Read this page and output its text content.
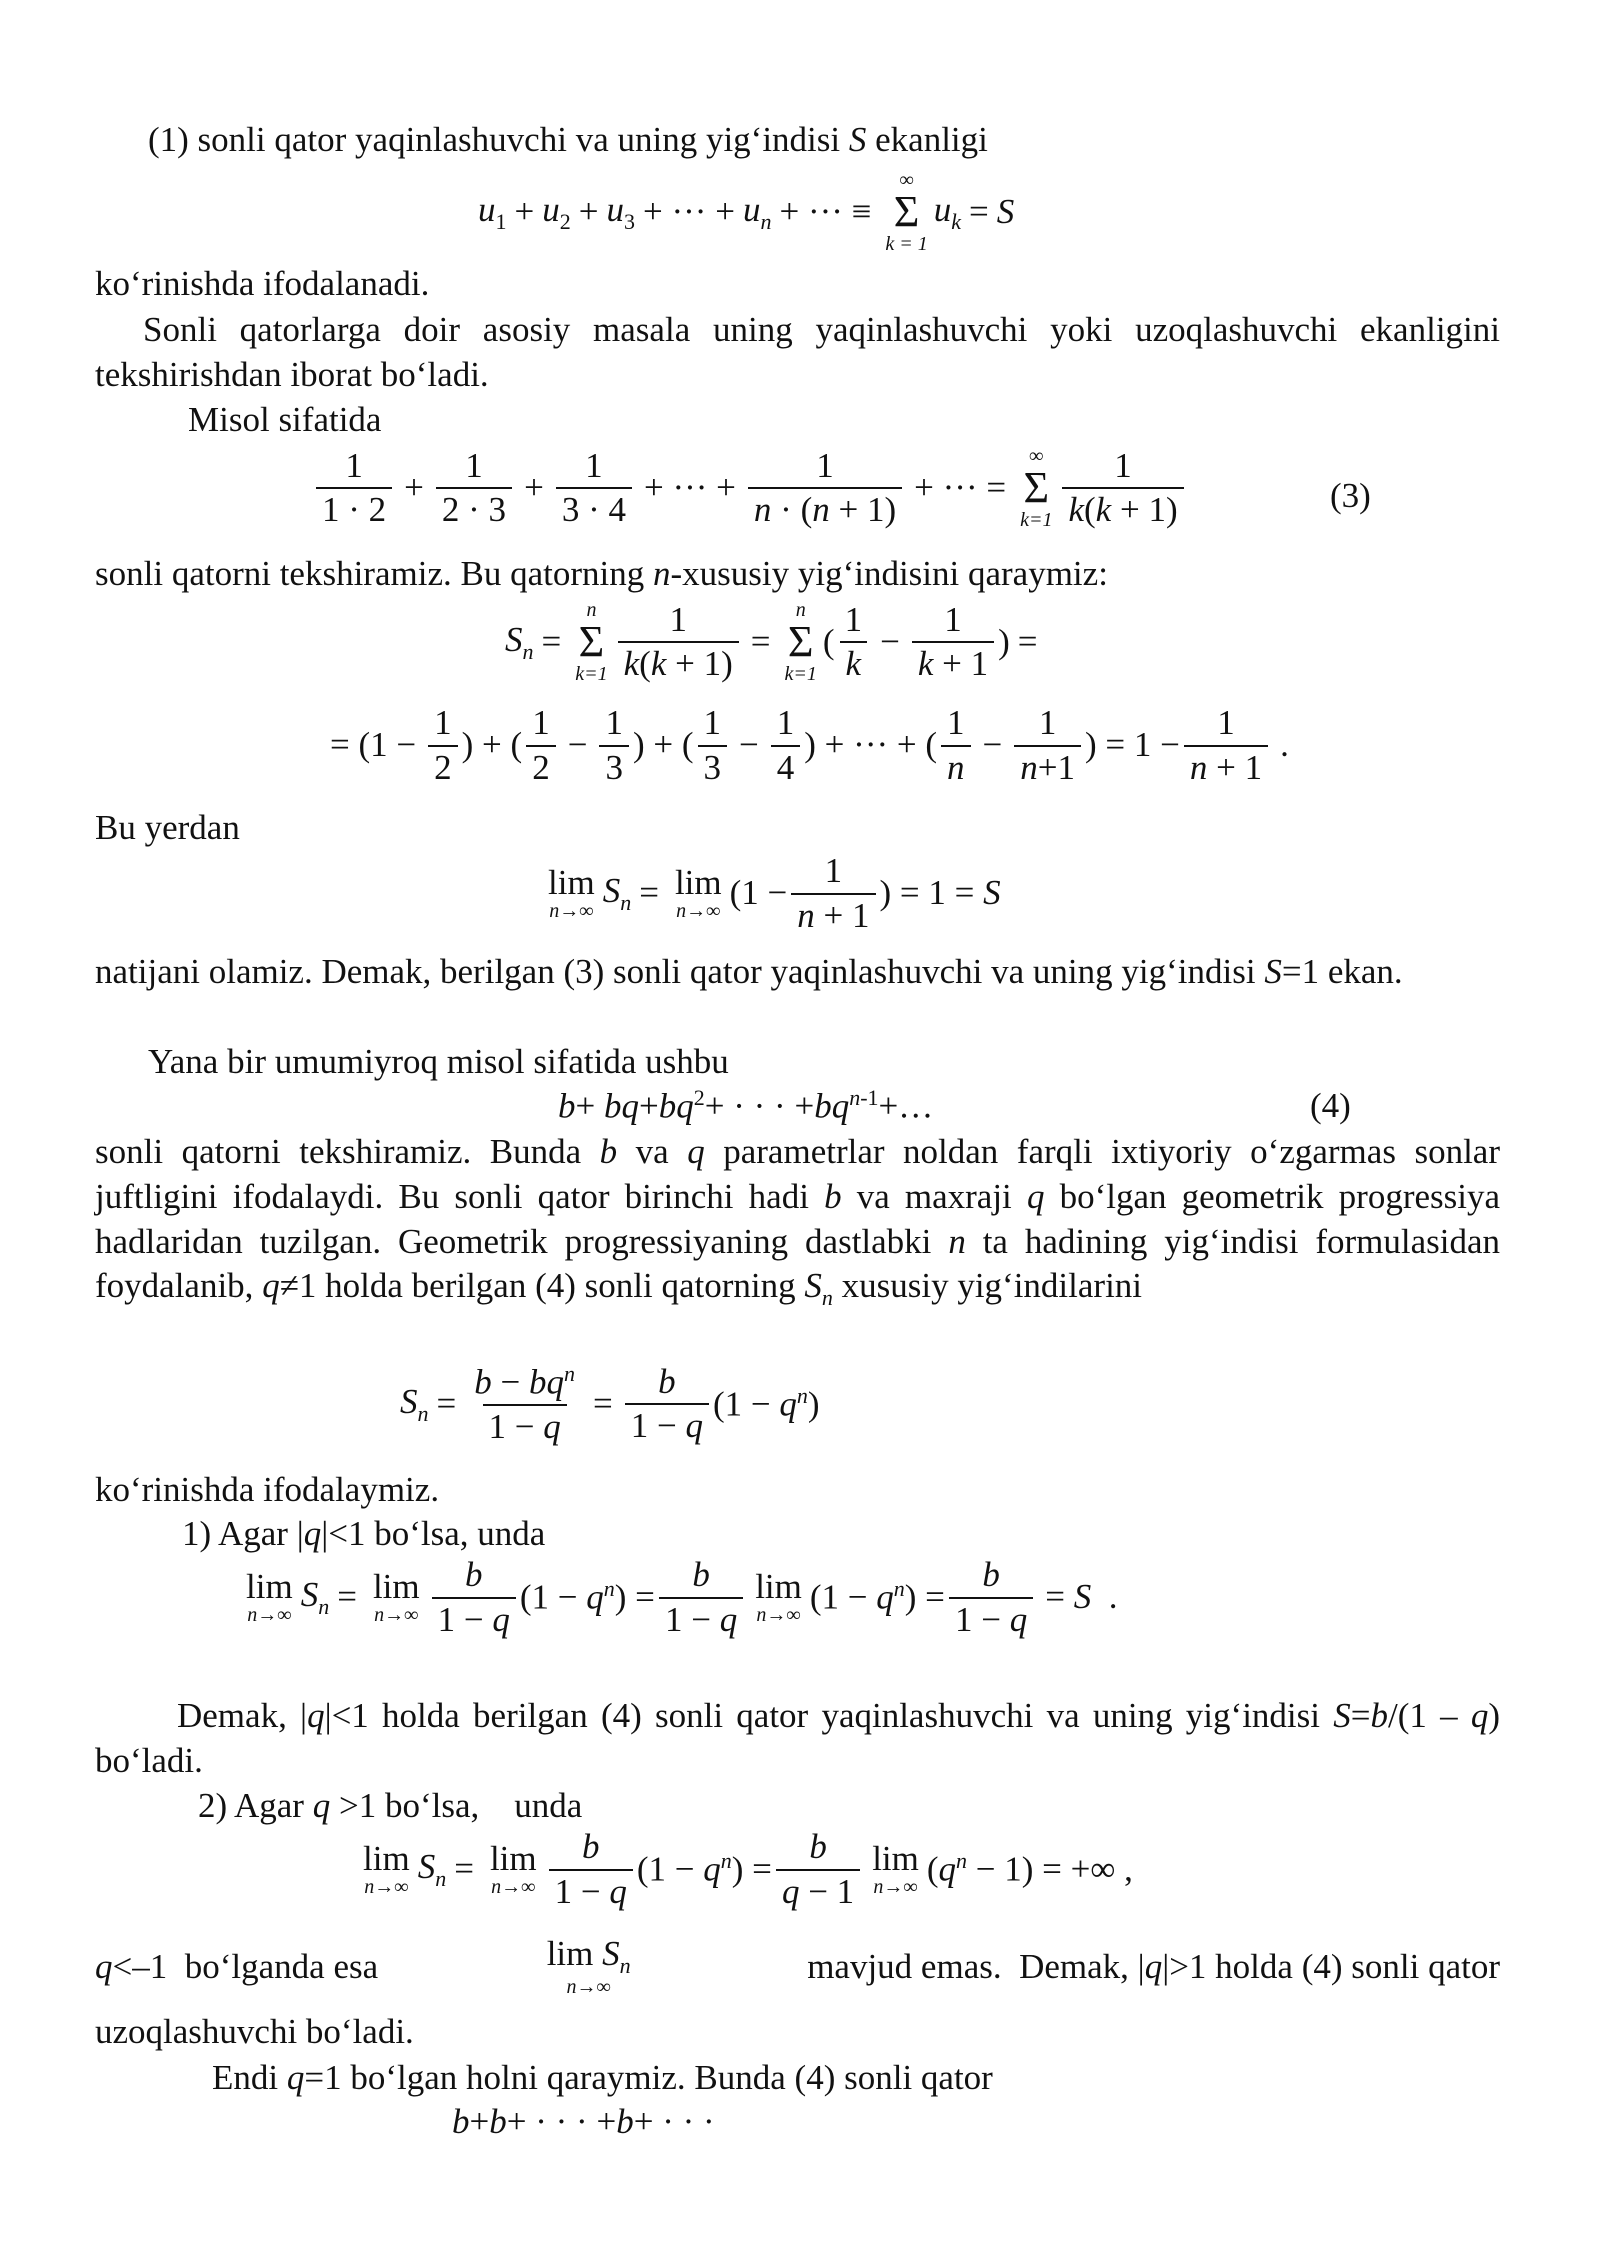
(1) sonli qator yaqinlashuvchi va uning yig‘indisi S ekanligi
$u_1 + u_2 + u_3$ + ··· + $u_n$ + ··· ≡
∞
Σ
k = 1
$u_k = S$
ko‘rinishda ifodalanadi.
Sonli qatorlarga doir asosiy masala uning yaqinlashuvchi yoki uzoqlashuvchi ekanligini tekshirishdan iborat bo‘ladi.
Misol sifatida
$\frac{1}{1 \cdot 2} + \frac{1}{2 \cdot 3} + \frac{1}{3 \cdot 4}$ + ··· + $\frac{1}{n \cdot (n + 1)}$ + ··· =
∞
Σ
$k=1 \frac{1}{k(k + 1)}$	(3)
sonli qatorni tekshiramiz. Bu qatorning n-xususiy yig‘indisini qaraymiz:
$S_n$ =
n
Σ
$k=1 \frac{1}{k(k + 1)}$ =
n
Σ
k=1
( $\frac{1}{k} - \frac{1}{k + 1}$ ) =
= ($1 - \frac{1}{2}$ ) + ( $\frac{1}{2} - \frac{1}{3}$ ) + ( $\frac{1}{3} - \frac{1}{4}$ ) + ··· + ( $\frac{1}{n} - \frac{1}{n+1}$ ) = $1 - \frac{1}{n + 1}$ .
Bu yerdan
lim
n→∞
$S_n = \lim$
n→∞ ($1 - \frac{1}{n + 1}$ ) = 1 = S
natijani olamiz. Demak, berilgan (3) sonli qator yaqinlashuvchi va uning yig‘indisi S=1 ekan.
Yana bir umumiyroq misol sifatida ushbu
$b+ bq+bq^2+$ · · · $+bq^{n-1}+\dots$	(4)
sonli qatorni tekshiramiz. Bunda b va q parametrlar noldan farqli ixtiyoriy o‘zgarmas sonlar juftligini ifodalaydi. Bu sonli qator birinchi hadi b va maxraji q bo‘lgan geometrik progressiya hadlaridan tuzilgan. Geometrik progressiyaning dastlabki n ta hadining yig‘indisi formulasidan foydalanib, q≠1 holda berilgan (4) sonli qatorning $S_n$ xususiy yig‘indilarini
$S_n = \frac{b - bq^n}{1 - q} = \frac{b}{1 - q} (1 - q^n)$
ko‘rinishda ifodalaymiz.
1) Agar |q|<1 bo‘lsa, unda
lim
n→∞
$S_n = \lim$
$n\to\infty \frac{b}{1 - q} (1 - q^n) = \frac{b}{1 - q}$ lim
n→∞ $(1 - q^n) = \frac{b}{1 - q} = S$  .
Demak, |q|<1 holda berilgan (4) sonli qator yaqinlashuvchi va uning yig‘indisi S=b/(1 – q) bo‘ladi.
2) Agar q >1 bo‘lsa,    unda
lim
n→∞
$S_n = \lim$
$n\to\infty \frac{b}{1 - q} (1 - q^n) = \frac{b}{q - 1}$ lim
n→∞ $(q^n - 1)$ = +∞ ,
q<–1  bo‘lganda esa	$\lim S_n$
n→∞
mavjud emas.  Demak, |q|>1 holda (4) sonli qator
uzoqlashuvchi bo‘ladi.
Endi q=1 bo‘lgan holni qaraymiz. Bunda (4) sonli qator
b+b+ · · · +b+ · · ·
